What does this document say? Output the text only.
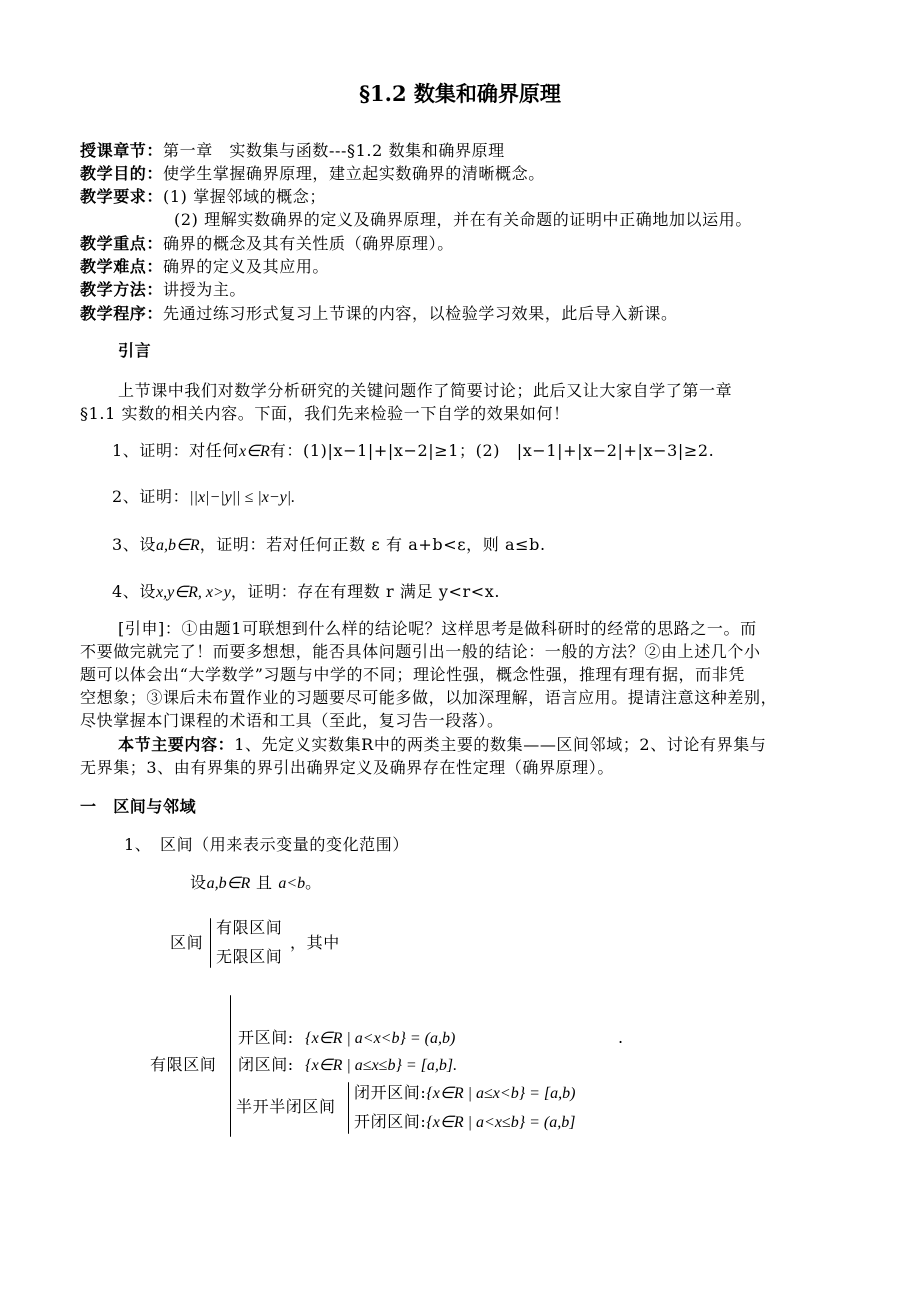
§1.2 数集和确界原理
授课章节：第一章　实数集与函数---§1.2 数集和确界原理
教学目的：使学生掌握确界原理，建立起实数确界的清晰概念。
教学要求：(1) 掌握邻域的概念；
(2) 理解实数确界的定义及确界原理，并在有关命题的证明中正确地加以运用。
教学重点：确界的概念及其有关性质（确界原理）。
教学难点：确界的定义及其应用。
教学方法：讲授为主。
教学程序：先通过练习形式复习上节课的内容，以检验学习效果，此后导入新课。
引言
上节课中我们对数学分析研究的关键问题作了简要讨论；此后又让大家自学了第一章
§1.1 实数的相关内容。下面，我们先来检验一下自学的效果如何！
1、证明：对任何x∈R有：(1)|x−1|+|x−2|≥1；(2)　|x−1|+|x−2|+|x−3|≥2.
2、证明：||x|−|y|| ≤ |x−y|.
3、设a,b∈R，证明：若对任何正数 ε 有 a+b<ε，则 a≤b.
4、设x,y∈R, x>y，证明：存在有理数 r 满足 y<r<x.
[引申]：①由题1可联想到什么样的结论呢？这样思考是做科研时的经常的思路之一。而
不要做完就完了！而要多想想，能否具体问题引出一般的结论：一般的方法？②由上述几个小
题可以体会出“大学数学”习题与中学的不同；理论性强，概念性强，推理有理有据，而非凭
空想象；③课后未布置作业的习题要尽可能多做，以加深理解，语言应用。提请注意这种差别，
尽快掌握本门课程的术语和工具（至此，复习告一段落）。
本节主要内容：1、先定义实数集R中的两类主要的数集——区间邻域；2、讨论有界集与
无界集；3、由有界集的界引出确界定义及确界存在性定理（确界原理）。
一　区间与邻域
1、　区间（用来表示变量的变化范围）
设a,b∈R 且 a<b。
区间
有限区间
无限区间
，其中
有限区间
开区间: {x∈R | a<x<b} = (a,b)	.
闭区间: {x∈R | a≤x≤b} = [a,b].
半开半闭区间
闭开区间:{x∈R | a≤x<b} = [a,b)
开闭区间:{x∈R | a<x≤b} = (a,b]
